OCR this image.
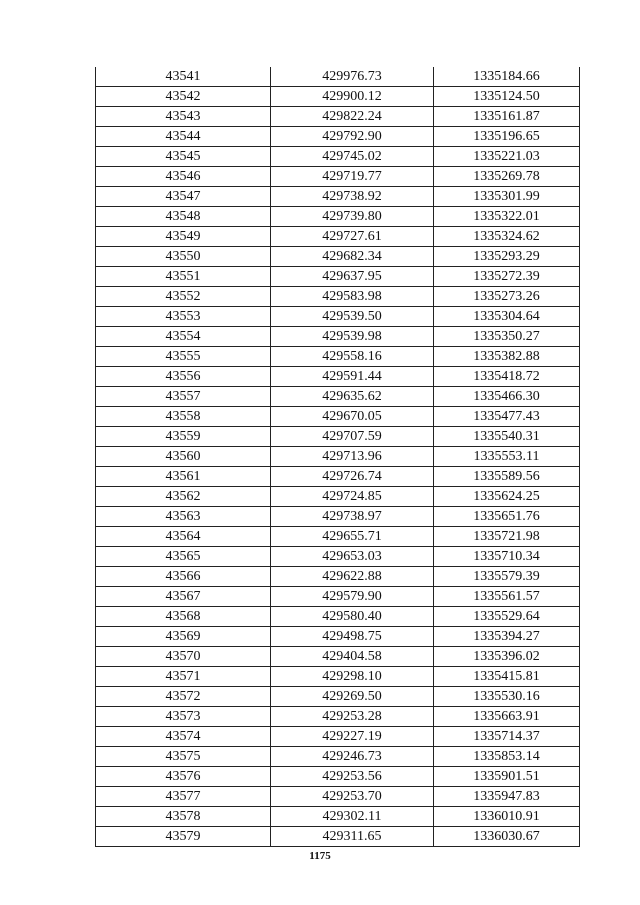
43541	429976.73	1335184.66
43542	429900.12	1335124.50
43543	429822.24	1335161.87
43544	429792.90	1335196.65
43545	429745.02	1335221.03
43546	429719.77	1335269.78
43547	429738.92	1335301.99
43548	429739.80	1335322.01
43549	429727.61	1335324.62
43550	429682.34	1335293.29
43551	429637.95	1335272.39
43552	429583.98	1335273.26
43553	429539.50	1335304.64
43554	429539.98	1335350.27
43555	429558.16	1335382.88
43556	429591.44	1335418.72
43557	429635.62	1335466.30
43558	429670.05	1335477.43
43559	429707.59	1335540.31
43560	429713.96	1335553.11
43561	429726.74	1335589.56
43562	429724.85	1335624.25
43563	429738.97	1335651.76
43564	429655.71	1335721.98
43565	429653.03	1335710.34
43566	429622.88	1335579.39
43567	429579.90	1335561.57
43568	429580.40	1335529.64
43569	429498.75	1335394.27
43570	429404.58	1335396.02
43571	429298.10	1335415.81
43572	429269.50	1335530.16
43573	429253.28	1335663.91
43574	429227.19	1335714.37
43575	429246.73	1335853.14
43576	429253.56	1335901.51
43577	429253.70	1335947.83
43578	429302.11	1336010.91
43579	429311.65	1336030.67
1175
